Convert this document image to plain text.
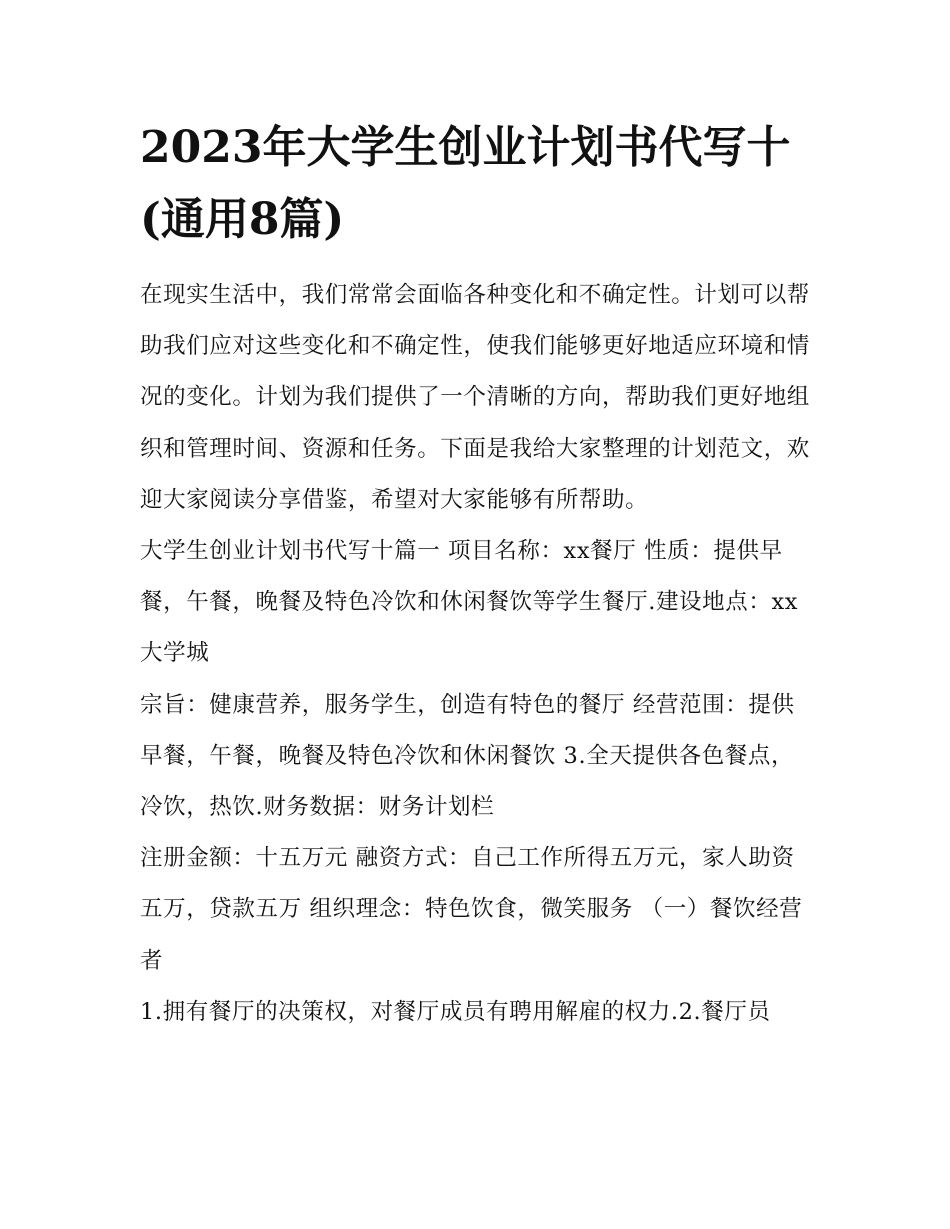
2023年大学生创业计划书代写十(通用8篇)

在现实生活中，我们常常会面临各种变化和不确定性。计划可以帮助我们应对这些变化和不确定性，使我们能够更好地适应环境和情况的变化。计划为我们提供了一个清晰的方向，帮助我们更好地组织和管理时间、资源和任务。下面是我给大家整理的计划范文，欢迎大家阅读分享借鉴，希望对大家能够有所帮助。

大学生创业计划书代写十篇一 项目名称：xx餐厅 性质：提供早餐，午餐，晚餐及特色冷饮和休闲餐饮等学生餐厅.建设地点：xx大学城

宗旨：健康营养，服务学生，创造有特色的餐厅 经营范围：提供早餐，午餐，晚餐及特色冷饮和休闲餐饮 3.全天提供各色餐点，冷饮，热饮.财务数据：财务计划栏

注册金额：十五万元 融资方式：自己工作所得五万元，家人助资五万，贷款五万 组织理念：特色饮食，微笑服务 （一）餐饮经营者

1.拥有餐厅的决策权，对餐厅成员有聘用解雇的权力.2.餐厅员
